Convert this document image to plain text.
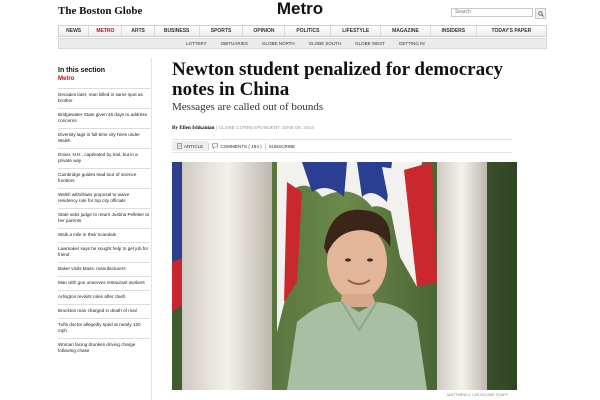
The Boston Globe	Metro
Search
NEWS	METRO	ARTS	BUSINESS	SPORTS	OPINION	POLITICS	LIFESTYLE	MAGAZINE	INSIDERS	TODAY'S PAPER
LOTTERY	OBITUARIES	GLOBE NORTH	GLOBE SOUTH	GLOBE WEST	GETTING IN
In this section
Metro
Decades later, man killed in same spot as brother
Bridgewater State given 45 days to address concerns
Diversity lags in full-time city hires under Walsh
Dover, N.H., captivated by trial, but in a private way
Cambridge guides lead tour of science frontiers
Walsh withdraws proposal to waive residency rule for top city officials
State asks judge to return Justina Pelletier to her parents
Walk a mile in their scandals
Lawmaker says he sought help to get job for friend
Baker visits Mass. manufacturers
Man with gun unnerves restaurant workers
Arlington revisits rules after clash
Brockton man charged in death of rival
Tufts doctor allegedly sped at nearly 120 mph
Woman facing drunken driving charge following chase
Newton student penalized for democracy notes in China
Messages are called out of bounds
By Ellen Ishkanian | GLOBE CORRESPONDENT JUNE 06, 2014
ARTICLE	COMMENTS
( 194 )	SUBSCRIBE
MATTHEW J. LEE/GLOBE STAFF
